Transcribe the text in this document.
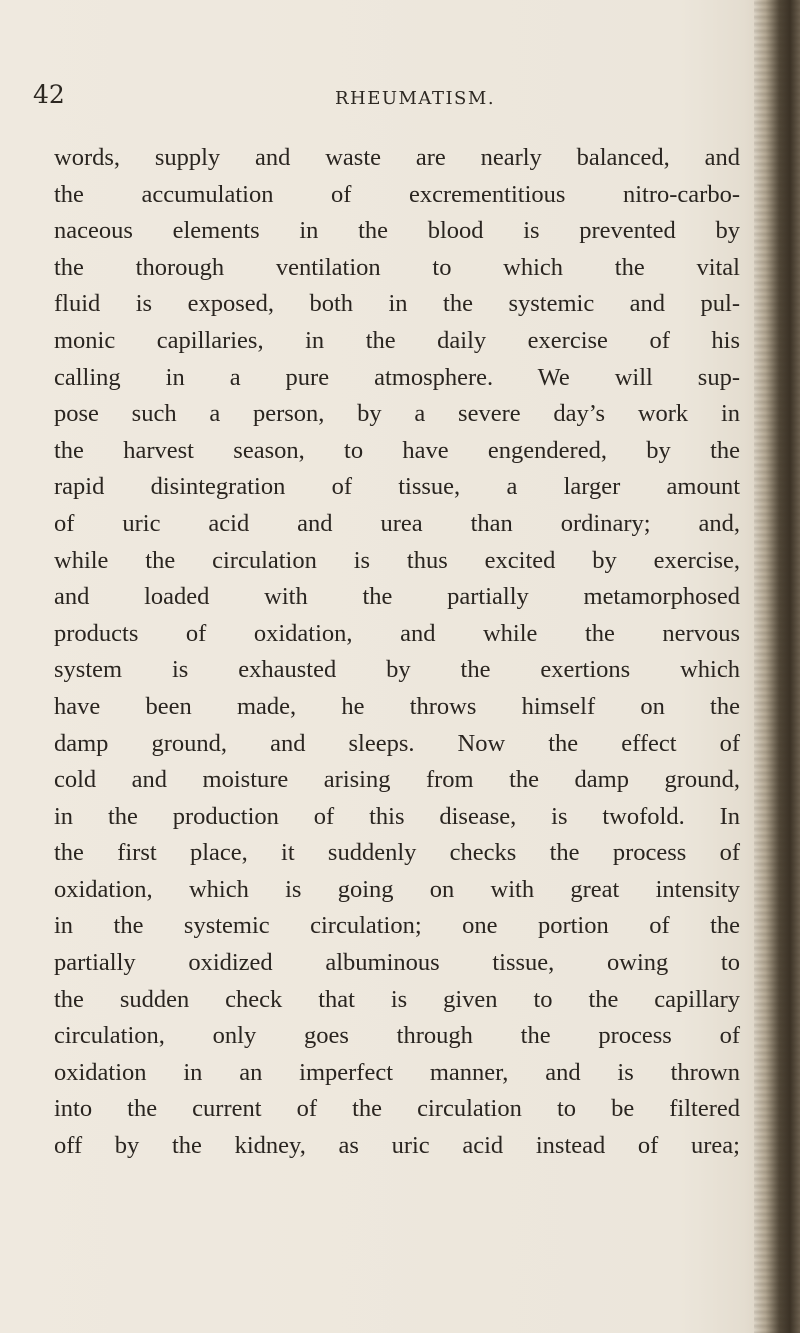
42	RHEUMATISM.
words, supply and waste are nearly balanced, and
the accumulation of excrementitious nitro-carbo-
naceous elements in the blood is prevented by
the thorough ventilation to which the vital
fluid is exposed, both in the systemic and pul-
monic capillaries, in the daily exercise of his
calling in a pure atmosphere. We will sup-
pose such a person, by a severe day’s work in
the harvest season, to have engendered, by the
rapid disintegration of tissue, a larger amount
of uric acid and urea than ordinary; and,
while the circulation is thus excited by exercise,
and loaded with the partially metamorphosed
products of oxidation, and while the nervous
system is exhausted by the exertions which
have been made, he throws himself on the
damp ground, and sleeps. Now the effect of
cold and moisture arising from the damp ground,
in the production of this disease, is twofold. In
the first place, it suddenly checks the process of
oxidation, which is going on with great intensity
in the systemic circulation; one portion of the
partially oxidized albuminous tissue, owing to
the sudden check that is given to the capillary
circulation, only goes through the process of
oxidation in an imperfect manner, and is thrown
into the current of the circulation to be filtered
off by the kidney, as uric acid instead of urea;
